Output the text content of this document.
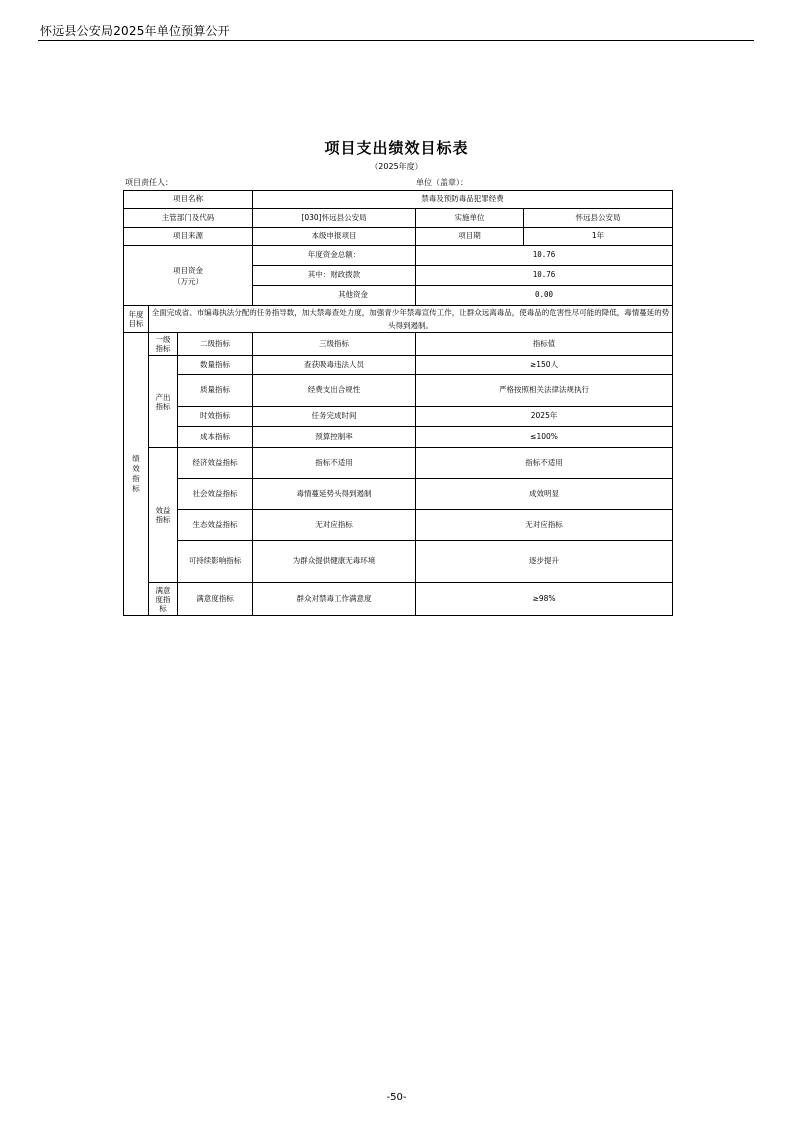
怀远县公安局2025年单位预算公开
项目支出绩效目标表
（2025年度）
项目责任人：	单位（盖章）：
项目名称			禁毒及预防毒品犯罪经费		
主管部门及代码			[030]怀远县公安局	实施单位	怀远县公安局
项目来源			本级申报项目	项目期	1年

项目资金（万元）			年度资金总额：	10.76	
			其中：财政拨款	10.76	
			其他资金	0.00	

年度目标	全面完成省、市编毒执法分配的任务指导数，加大禁毒查处力度，加强青少年禁毒宣传工作，让群众远离毒品，使毒品的危害性尽可能的降低，毒情蔓延的势头得到遏制。				

绩效指标	一级指标	二级指标	三级指标	指标值	

	产出指标	数量指标	查获吸毒违法人员	≥150人	
		质量指标	经费支出合规性	严格按照相关法律法规执行	
		时效指标	任务完成时间	2025年	
		成本指标	预算控制率	≤100%	

	效益指标	经济效益指标	指标不适用	指标不适用	
		社会效益指标	毒情蔓延势头得到遏制	成效明显	
		生态效益指标	无对应指标	无对应指标	
		可持续影响指标	为群众提供健康无毒环境	逐步提升	

	满意度指标	满意度指标	群众对禁毒工作满意度	≥98%	
-50-
